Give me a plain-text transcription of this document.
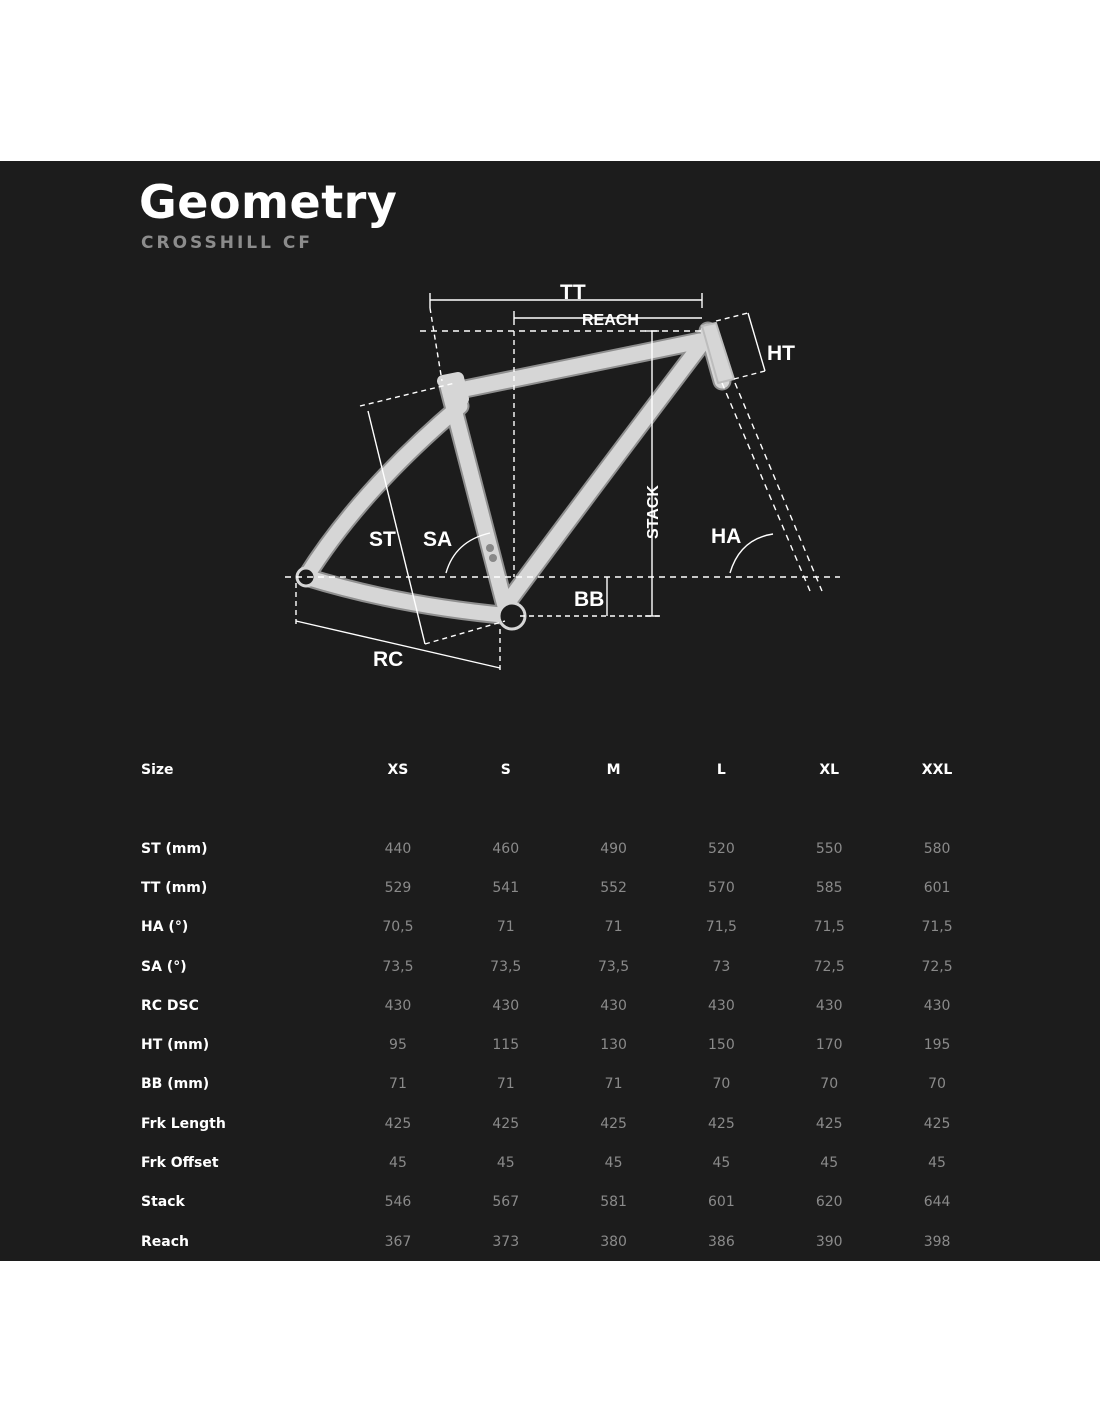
Geometry
CROSSHILL CF
TT
REACH
HT
ST SA
STACK HA
BB
RC
Size	XS	S	M	L	XL	XXL

ST (mm)	440	460	490	520	550	580
TT (mm)	529	541	552	570	585	601
HA (°)	70,5	71	71	71,5	71,5	71,5
SA (°)	73,5	73,5	73,5	73	72,5	72,5
RC DSC	430	430	430	430	430	430
HT (mm)	95	115	130	150	170	195
BB (mm)	71	71	71	70	70	70
Frk Length	425	425	425	425	425	425
Frk Offset	45	45	45	45	45	45
Stack	546	567	581	601	620	644
Reach	367	373	380	386	390	398
